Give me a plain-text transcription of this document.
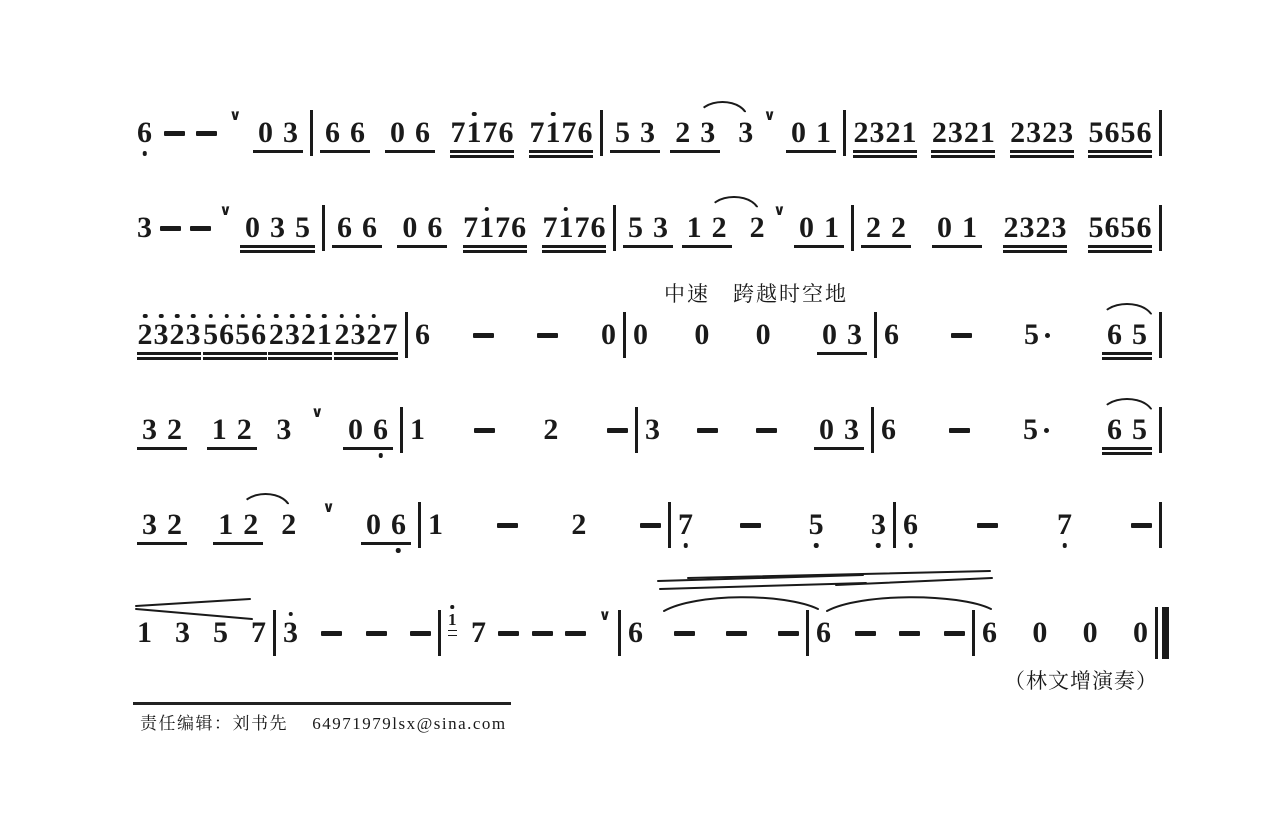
6
∨
0 3 6 6 0 6 7 1 7 6 7 1 7 6 5 3 2 3 3
∨
0 1 2 3 2 1 2 3 2 1 2 3 2 3 5 6 5 6
3
∨
0 3 5 6 6 0 6 7 1 7 6 7 1 7 6 5 3 1 2 2
∨
0 1 2 2 0 1 2 3 2 3 5 6 5 6
2 3 2 3 5 6 5 6 2 3 2 1 2 3 2 7 6	0
中速　跨越时空地
0 0 0 0 3 6	5 6 5
3 2 1 2 3
∨
0 6 1	2	3	0 3 6	5 6 5
3 2 1 2 2
∨
0 6 1	2	7	5 3 6	7
1 3 5 7 3	1 7
∨
6	6	6 0 0 0
（林文增演奏）
责任编辑：刘书先　 64971979lsx@sina.com
